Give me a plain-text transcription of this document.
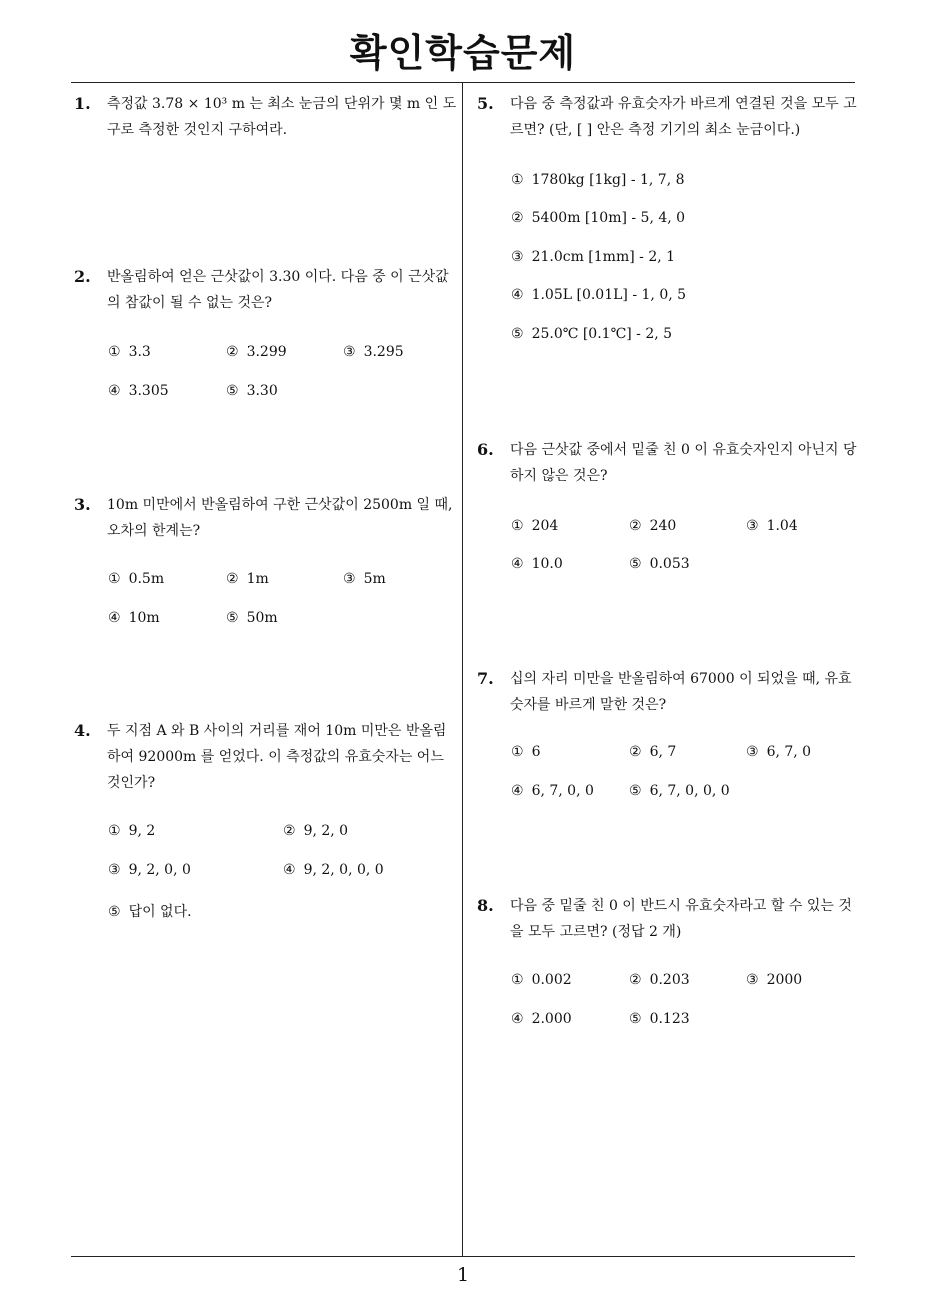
확인학습문제
1. 측정값 3.78 × 10³ m 는 최소 눈금의 단위가 몇 m 인 도구로 측정한 것인지 구하여라.
2. 반올림하여 얻은 근삿값이 3.30 이다. 다음 중 이 근삿값의 참값이 될 수 없는 것은?
① 3.3	② 3.299	③ 3.295
④ 3.305	⑤ 3.30
3. 10m 미만에서 반올림하여 구한 근삿값이 2500m 일 때, 오차의 한계는?
① 0.5m	② 1m	③ 5m
④ 10m	⑤ 50m
4. 두 지점 A 와 B 사이의 거리를 재어 10m 미만은 반올림하여 92000m 를 얻었다. 이 측정값의 유효숫자는 어느 것인가?
① 9, 2	② 9, 2, 0
③ 9, 2, 0, 0	④ 9, 2, 0, 0, 0
⑤ 답이 없다.
5. 다음 중 측정값과 유효숫자가 바르게 연결된 것을 모두 고르면? (단, [ ] 안은 측정 기기의 최소 눈금이다.)
① 1780kg [1kg] - 1, 7, 8
② 5400m [10m] - 5, 4, 0
③ 21.0cm [1mm] - 2, 1
④ 1.05L [0.01L] - 1, 0, 5
⑤ 25.0℃ [0.1℃] - 2, 5
6. 다음 근삿값 중에서 밑줄 친 0 이 유효숫자인지 아닌지 당하지 않은 것은?
① 204	② 240	③ 1.04
④ 10.0	⑤ 0.053
7. 십의 자리 미만을 반올림하여 67000 이 되었을 때, 유효숫자를 바르게 말한 것은?
① 6	② 6, 7	③ 6, 7, 0
④ 6, 7, 0, 0	⑤ 6, 7, 0, 0, 0
8. 다음 중 밑줄 친 0 이 반드시 유효숫자라고 할 수 있는 것을 모두 고르면? (정답 2 개)
① 0.002	② 0.203	③ 2000
④ 2.000	⑤ 0.123
1
